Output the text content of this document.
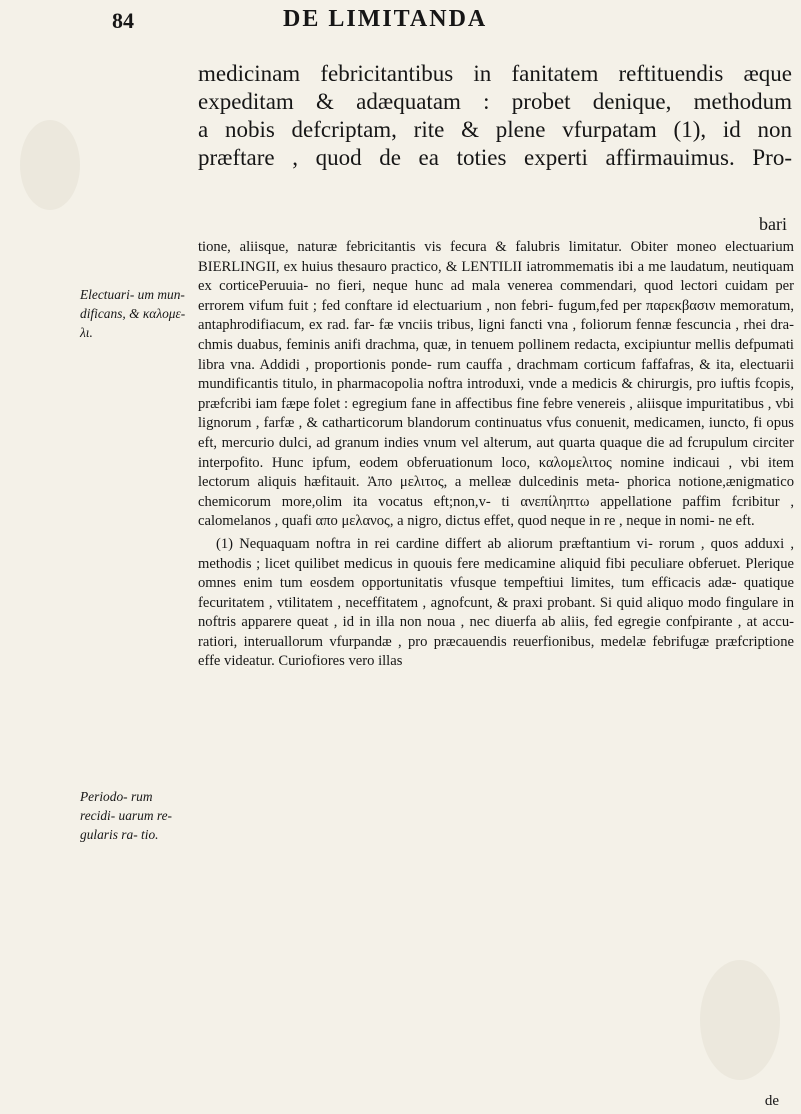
84	DE LIMITANDA
medicinam febricitantibus in fanitatem reftituendis æque
expeditam & adæquatam : probet denique, methodum
a nobis defcriptam, rite & plene vfurpatam (1), id non
præftare , quod de ea toties experti affirmauimus. Pro-
bari
Electuari- um mun- dificans, & καλομε- λι.
Periodo- rum recidi- uarum re- gularis ra- tio.

tione, aliisque, naturæ febricitantis vis fecura & falubris limitatur. Obiter moneo electuarium BIERLINGII, ex huius thesauro practico, & LENTILII iatrommematis ibi a me laudatum, neutiquam ex corticePeruuia- no fieri, neque hunc ad mala venerea commendari, quod lectori cuidam per errorem vifum fuit ; fed conftare id electuarium , non febri- fugum,fed per παρεκβασιν memoratum, antaphrodifiacum, ex rad. far- fæ vnciis tribus, ligni fancti vna , foliorum fennæ fescuncia , rhei dra- chmis duabus, feminis anifi drachma, quæ, in tenuem pollinem redacta, excipiuntur mellis defpumati libra vna. Addidi , proportionis ponde- rum cauffa , drachmam corticum faffafras, & ita, electuarii mundificantis titulo, in pharmacopolia noftra introduxi, vnde a medicis & chirurgis, pro iuftis fcopis, præfcribi iam fæpe folet : egregium fane in affectibus fine febre venereis , aliisque impuritatibus , vbi lignorum , farfæ , & catharticorum blandorum continuatus vfus conuenit, medicamen, iuncto, fi opus eft, mercurio dulci, ad granum indies vnum vel alterum, aut quarta quaque die ad fcrupulum circiter interpofito. Hunc ipfum, eodem obferuationum loco, καλομελιτος nomine indicaui , vbi item lectorum aliquis hæfitauit. Ἀπο μελιτος, a melleæ dulcedinis meta- phorica notione,ænigmatico chemicorum more,olim ita vocatus eft;non,v- ti ανεπίληπτω appellatione paffim fcribitur , calomelanos , quafi απο μελανος, a nigro, dictus effet, quod neque in re , neque in nomi- ne eft.

(1) Nequaquam noftra in rei cardine differt ab aliorum præftantium vi- rorum , quos adduxi , methodis ; licet quilibet medicus in quouis fere medicamine aliquid fibi peculiare obferuet. Plerique omnes enim tum eosdem opportunitatis vfusque tempeftiui limites, tum efficacis adæ- quatique fecuritatem , vtilitatem , neceffitatem , agnofcunt, & praxi probant. Si quid aliquo modo fingulare in noftris apparere queat , id in illa non noua , nec diuerfa ab aliis, fed egregie confpirante , at accu- ratiori, interuallorum vfurpandæ , pro præcauendis reuerfionibus, medelæ febrifugæ præfcriptione effe videatur. Curiofiores vero illas

de
